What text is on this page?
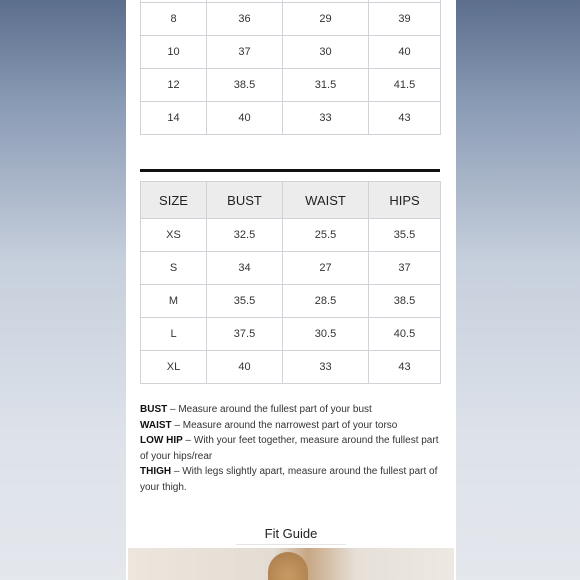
8	36	29	39
10	37	30	40
12	38.5	31.5	41.5
14	40	33	43
SIZE	BUST	WAIST	HIPS
XS	32.5	25.5	35.5
S	34	27	37
M	35.5	28.5	38.5
L	37.5	30.5	40.5
XL	40	33	43

BUST – Measure around the fullest part of your bust

WAIST – Measure around the narrowest part of your torso

LOW HIP – With your feet together, measure around the fullest part of your hips/rear

THIGH – With legs slightly apart, measure around the fullest part of your thigh.

Fit Guide
